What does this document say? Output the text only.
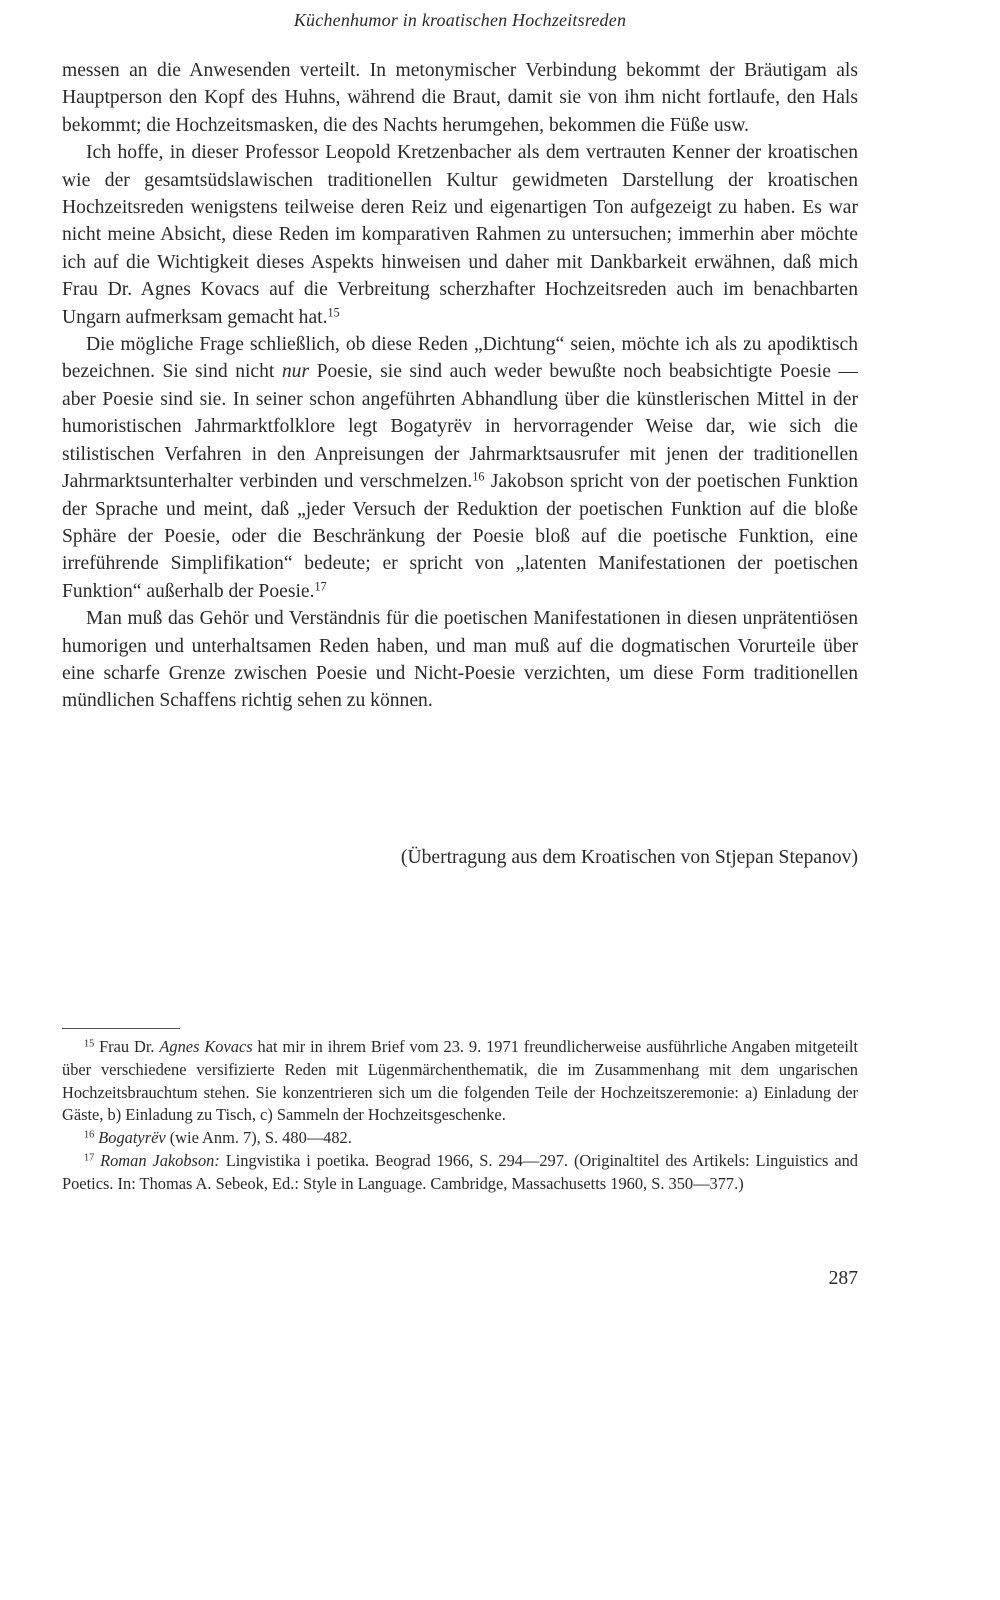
Küchenhumor in kroatischen Hochzeitsreden

messen an die Anwesenden verteilt. In metonymischer Verbindung bekommt der Bräutigam als Hauptperson den Kopf des Huhns, während die Braut, damit sie von ihm nicht fortlaufe, den Hals bekommt; die Hochzeitsmasken, die des Nachts herumgehen, bekommen die Füße usw.

Ich hoffe, in dieser Professor Leopold Kretzenbacher als dem vertrauten Kenner der kroatischen wie der gesamtsüdslawischen traditionellen Kultur gewidmeten Darstellung der kroatischen Hochzeitsreden wenigstens teilweise deren Reiz und eigenartigen Ton aufgezeigt zu haben. Es war nicht meine Absicht, diese Reden im komparativen Rahmen zu untersuchen; immerhin aber möchte ich auf die Wichtigkeit dieses Aspekts hinweisen und daher mit Dankbarkeit erwähnen, daß mich Frau Dr. Agnes Kovacs auf die Verbreitung scherzhafter Hochzeitsreden auch im benachbarten Ungarn aufmerksam gemacht hat.$^{15}$

Die mögliche Frage schließlich, ob diese Reden „Dichtung“ seien, möchte ich als zu apodiktisch bezeichnen. Sie sind nicht nur Poesie, sie sind auch weder bewußte noch beabsichtigte Poesie — aber Poesie sind sie. In seiner schon angeführten Abhandlung über die künstlerischen Mittel in der humoristischen Jahrmarktfolklore legt Bogatyrëv in hervorragender Weise dar, wie sich die stilistischen Verfahren in den Anpreisungen der Jahrmarktsausrufer mit jenen der traditionellen Jahrmarktsunterhalter verbinden und verschmelzen.$^{16}$ Jakobson spricht von der poetischen Funktion der Sprache und meint, daß „jeder Versuch der Reduktion der poetischen Funktion auf die bloße Sphäre der Poesie, oder die Beschränkung der Poesie bloß auf die poetische Funktion, eine irreführende Simplifikation“ bedeute; er spricht von „latenten Manifestationen der poetischen Funktion“ außerhalb der Poesie.$^{17}$

Man muß das Gehör und Verständnis für die poetischen Manifestationen in diesen unprätentiösen humorigen und unterhaltsamen Reden haben, und man muß auf die dogmatischen Vorurteile über eine scharfe Grenze zwischen Poesie und Nicht-Poesie verzichten, um diese Form traditionellen mündlichen Schaffens richtig sehen zu können.

(Übertragung aus dem Kroatischen von Stjepan Stepanov)

$^{15}$ Frau Dr. Agnes Kovacs hat mir in ihrem Brief vom 23. 9. 1971 freundlicherweise ausführliche Angaben mitgeteilt über verschiedene versifizierte Reden mit Lügenmärchenthematik, die im Zusammenhang mit dem ungarischen Hochzeitsbrauchtum stehen. Sie konzentrieren sich um die folgenden Teile der Hochzeitszeremonie: a) Einladung der Gäste, b) Einladung zu Tisch, c) Sammeln der Hochzeitsgeschenke.

$^{16}$ Bogatyrëv (wie Anm. 7), S. 480—482.

$^{17}$ Roman Jakobson: Lingvistika i poetika. Beograd 1966, S. 294—297. (Originaltitel des Artikels: Linguistics and Poetics. In: Thomas A. Sebeok, Ed.: Style in Language. Cambridge, Massachusetts 1960, S. 350—377.)

287
